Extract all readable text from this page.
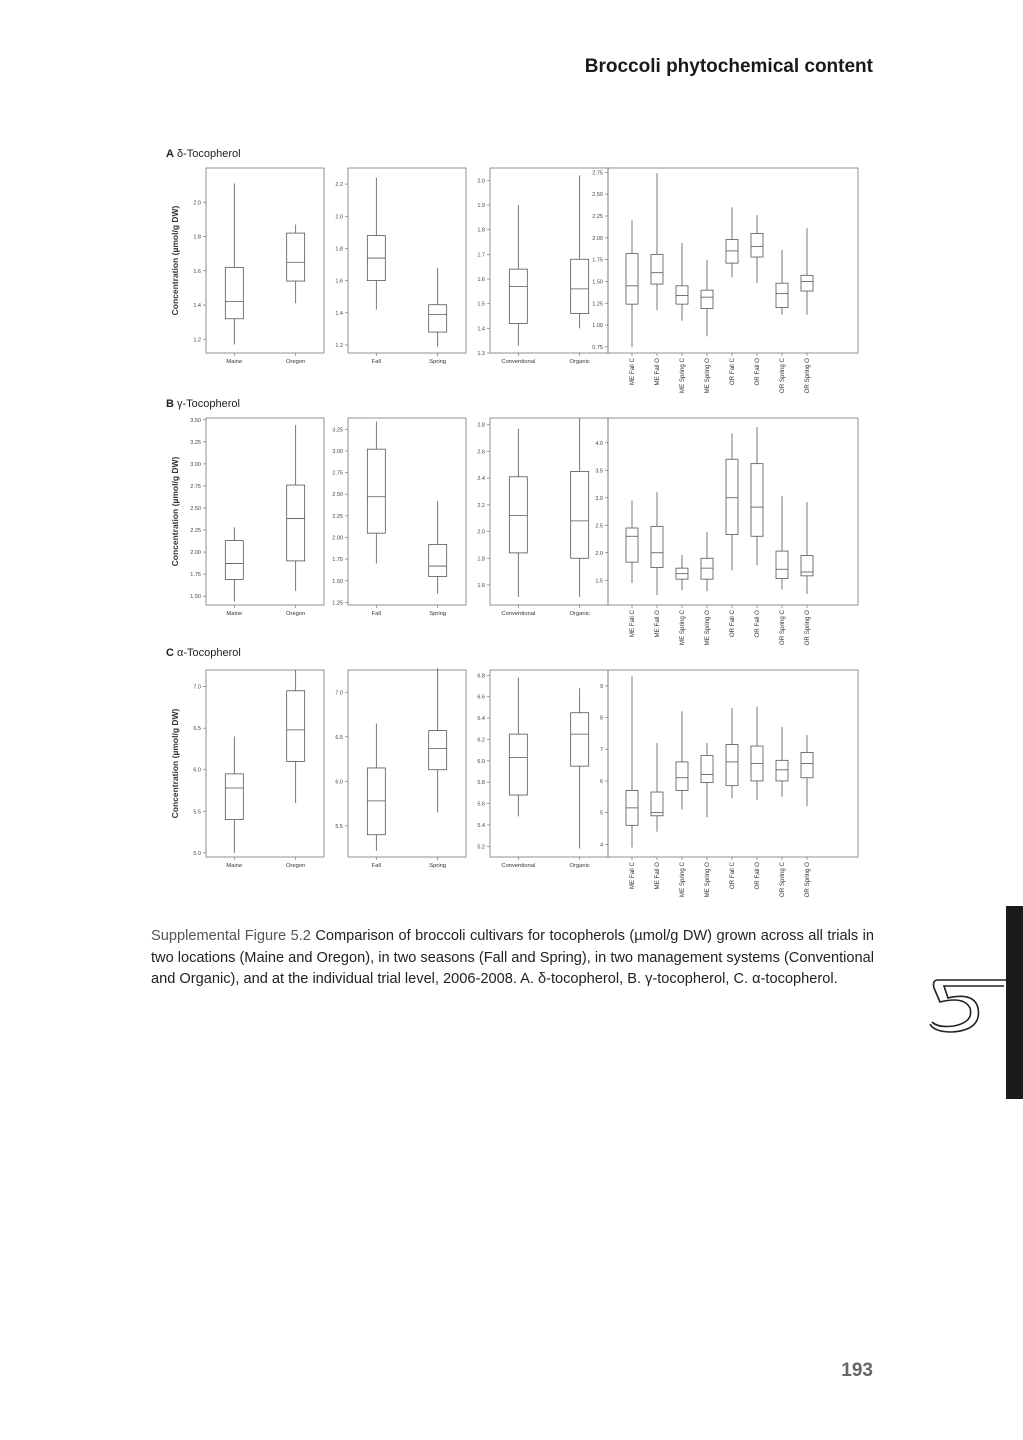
Broccoli phytochemical content
A δ-Tocopherol
Concentration (µmol/g DW)
1.2
1.4
1.6
1.8
2.0
Maine	Oregon
1.2
1.4
1.6
1.8
2.0
2.2
Fall	Spring
1.3
1.4
1.5
1.6
1.7
1.8
1.9
2.0
Conventional	Organic
0.75
1.00
1.25
1.50
1.75
2.00
2.25
2.50
2.75
ME Fall C	ME Fall O	ME Spring C	ME Spring O	OR Fall C	OR Fall O	OR Spring C	OR Spring O
B γ-Tocopherol
Concentration (µmol/g DW)
1.50
1.75
2.00
2.25
2.50
2.75
3.00
3.25
3.50
Maine	Oregon
1.25
1.50
1.75
2.00
2.25
2.50
2.75
3.00
3.25
Fall	Spring
1.6
1.8
2.0
2.2
2.4
2.6
2.8
Conventional	Organic
1.5
2.0
2.5
3.0
3.5
4.0
ME Fall C	ME Fall O	ME Spring C	ME Spring O	OR Fall C	OR Fall O	OR Spring C	OR Spring O
C α-Tocopherol
Concentration (µmol/g DW)
5.0
5.5
6.0
6.5
7.0
Maine	Oregon
5.5
6.0
6.5
7.0
Fall	Spring
5.2
5.4
5.6
5.8
6.0
6.2
6.4
6.6
6.8
Conventional	Organic
4
5
6
7
8
9
ME Fall C	ME Fall O	ME Spring C	ME Spring O	OR Fall C	OR Fall O	OR Spring C	OR Spring O
Supplemental Figure 5.2 Comparison of broccoli cultivars for tocopherols (µmol/g DW) grown across all trials in two locations (Maine and Oregon), in two seasons (Fall and Spring), in two management systems (Conventional and Organic), and at the individual trial level, 2006-2008. A. δ-tocopherol, B. γ-tocopherol, C. α-tocopherol.
193
